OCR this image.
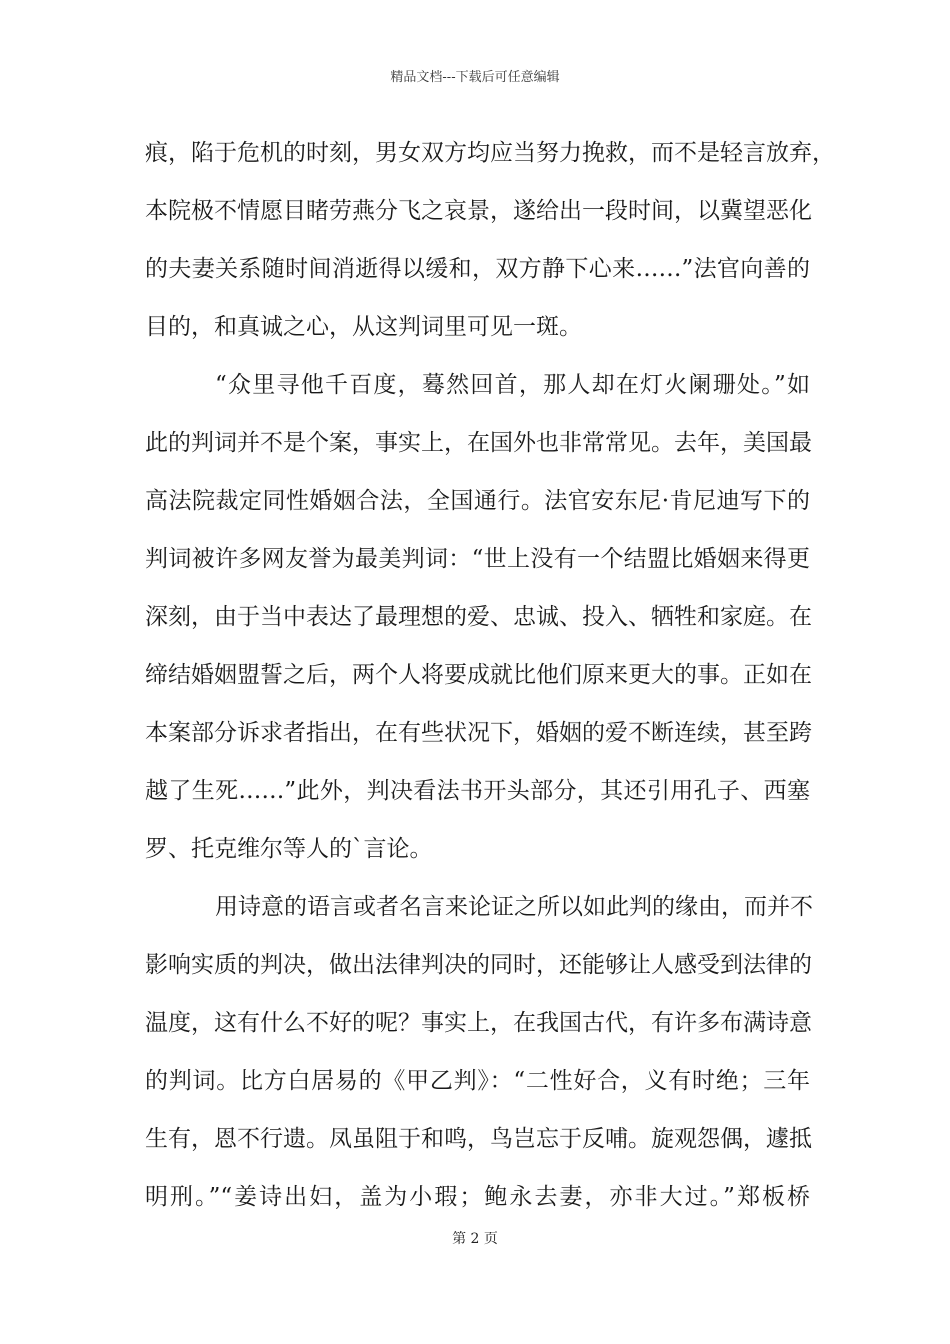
精品文档---下载后可任意编辑
痕，陷于危机的时刻，男女双方均应当努力挽救，而不是轻言放弃，
本院极不情愿目睹劳燕分飞之哀景，遂给出一段时间，以冀望恶化
的夫妻关系随时间消逝得以缓和，双方静下心来……”法官向善的
目的，和真诚之心，从这判词里可见一斑。
“众里寻他千百度，蓦然回首，那人却在灯火阑珊处。”如
此的判词并不是个案，事实上，在国外也非常常见。去年，美国最
高法院裁定同性婚姻合法，全国通行。法官安东尼·肯尼迪写下的
判词被许多网友誉为最美判词：“世上没有一个结盟比婚姻来得更
深刻，由于当中表达了最理想的爱、忠诚、投入、牺牲和家庭。在
缔结婚姻盟誓之后，两个人将要成就比他们原来更大的事。正如在
本案部分诉求者指出，在有些状况下，婚姻的爱不断连续，甚至跨
越了生死……”此外，判决看法书开头部分，其还引用孔子、西塞
罗、托克维尔等人的`言论。
用诗意的语言或者名言来论证之所以如此判的缘由，而并不
影响实质的判决，做出法律判决的同时，还能够让人感受到法律的
温度，这有什么不好的呢？事实上，在我国古代，有许多布满诗意
的判词。比方白居易的《甲乙判》：“二性好合，义有时绝；三年
生有，恩不行遗。凤虽阻于和鸣，鸟岂忘于反哺。旋观怨偶，遽抵
明刑。”“姜诗出妇，盖为小瑕；鲍永去妻，亦非大过。”郑板桥
第 2 页
